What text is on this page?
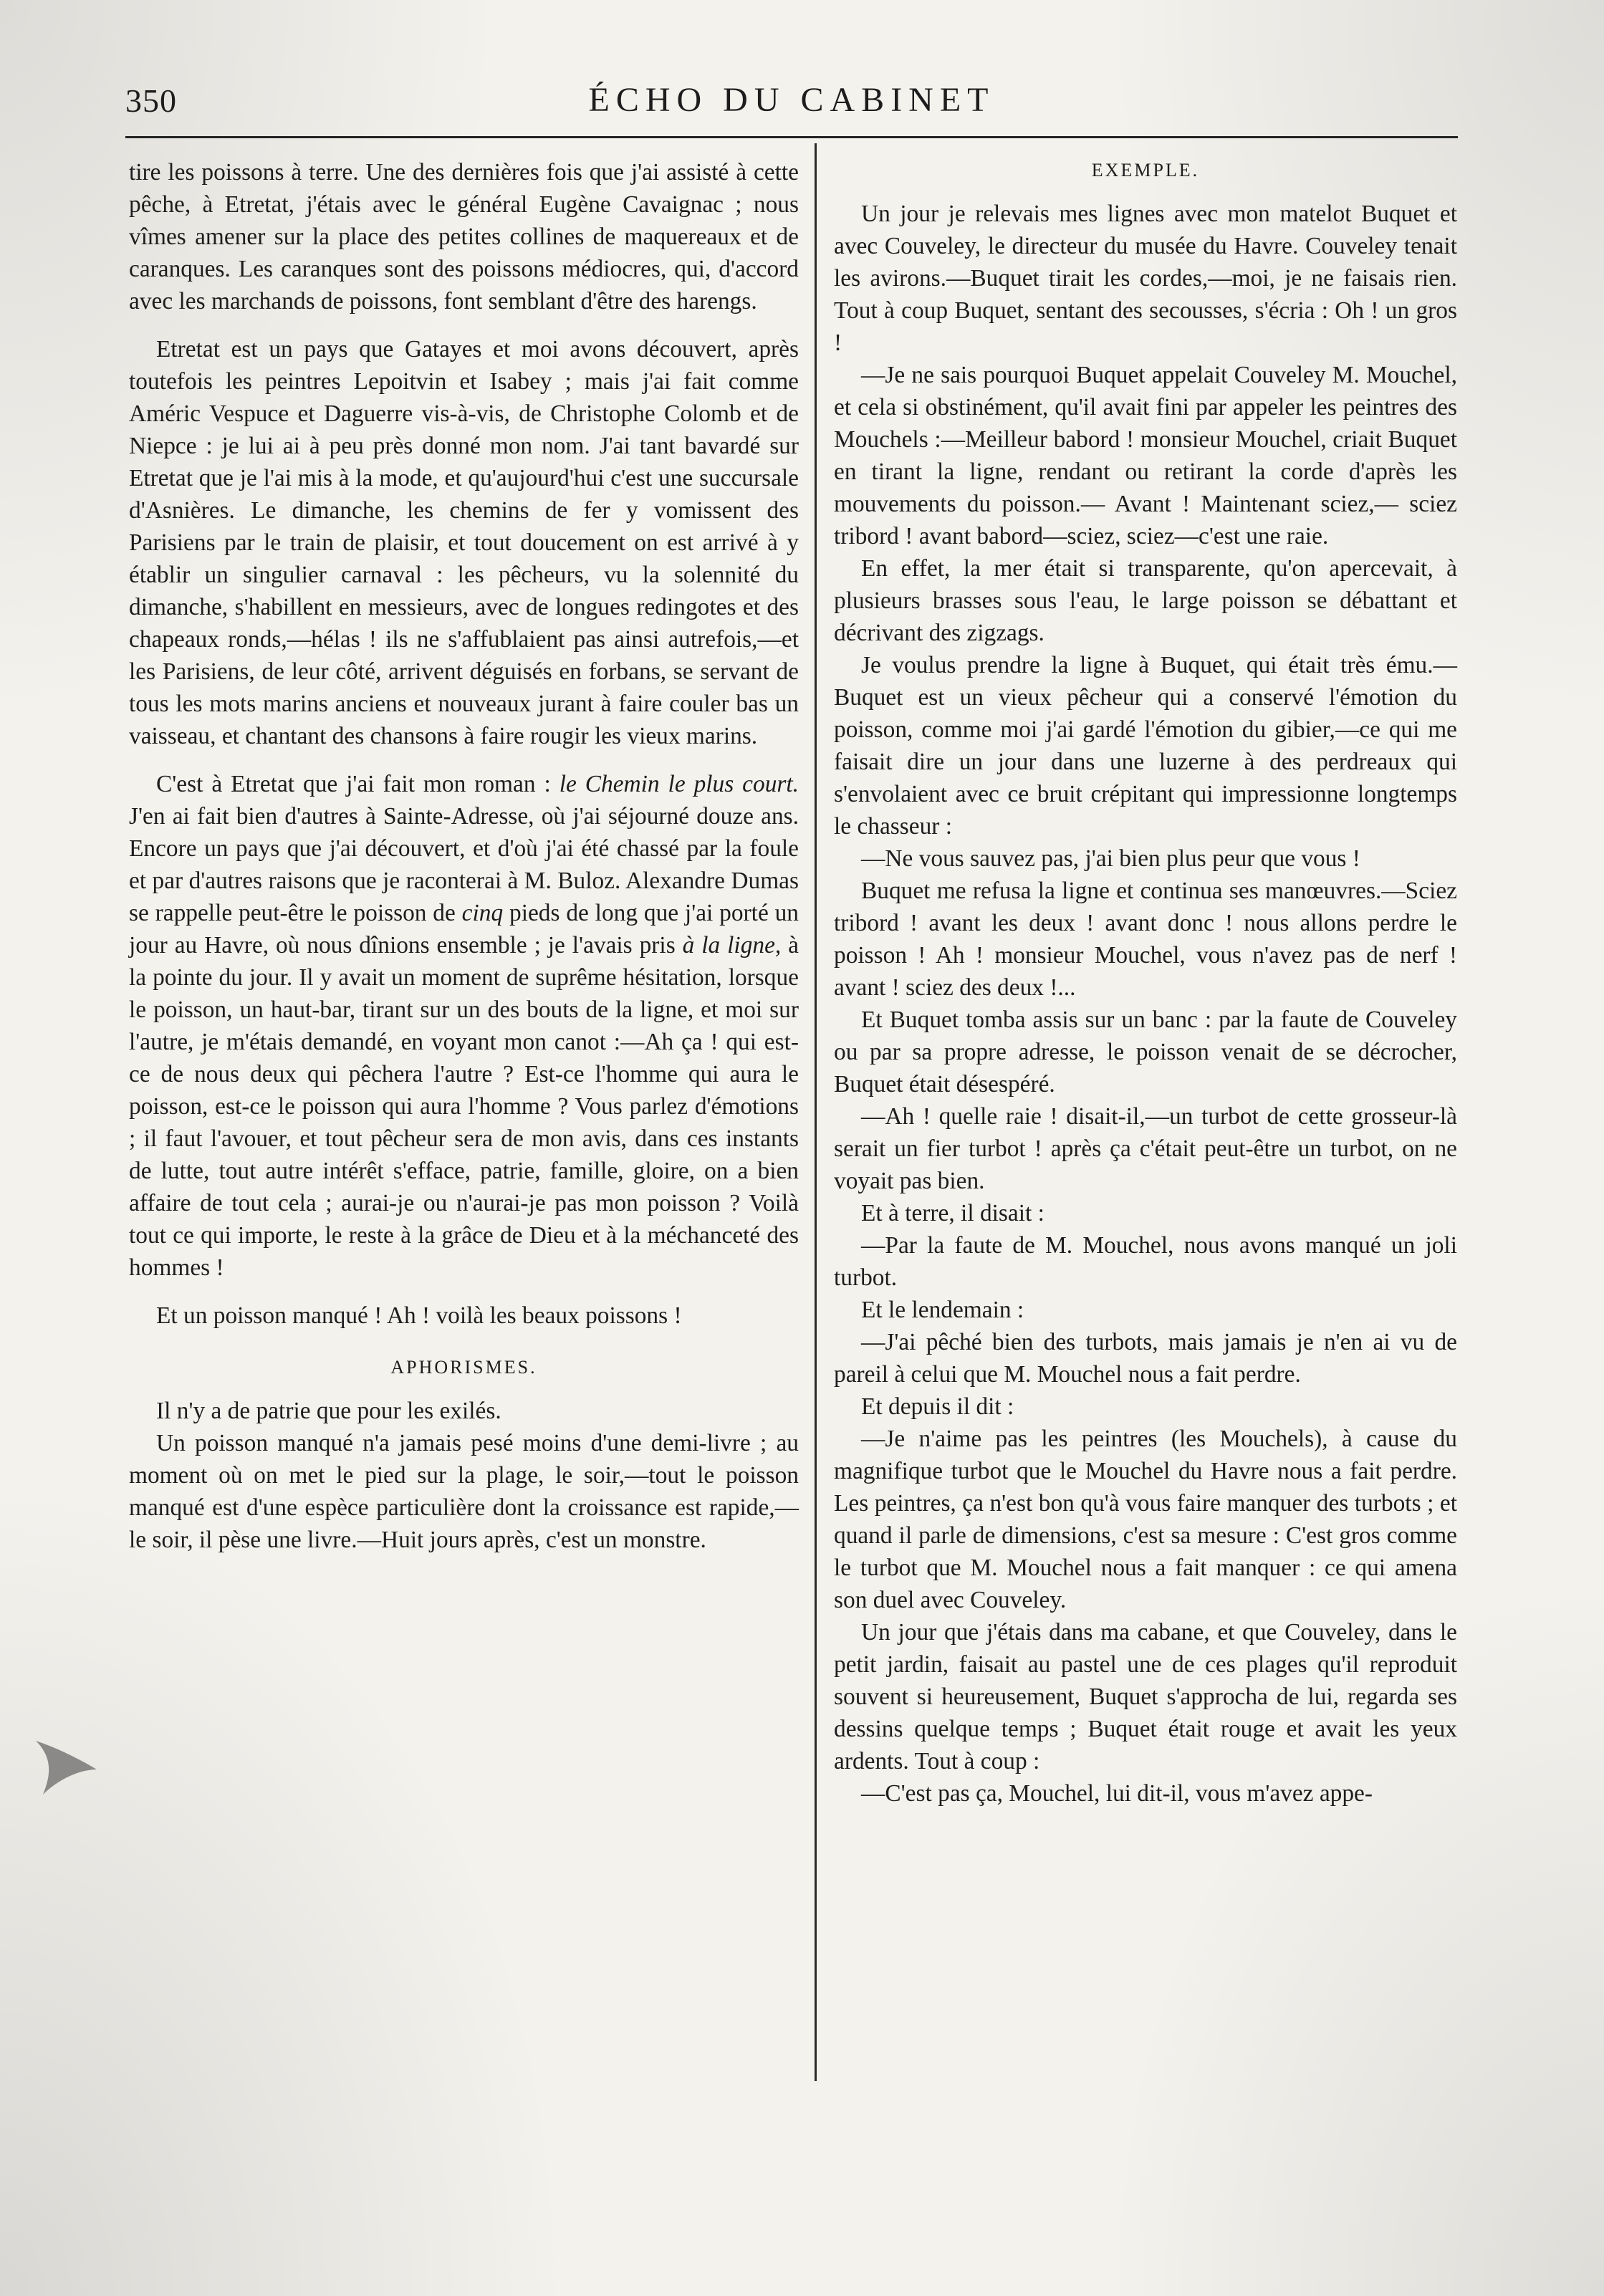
350	ÉCHO DU CABINET

tire les poissons à terre. Une des dernières fois que j'ai assisté à cette pêche, à Etretat, j'étais avec le général Eugène Cavaignac ; nous vîmes amener sur la place des petites collines de maquereaux et de caranques. Les caranques sont des poissons médiocres, qui, d'accord avec les marchands de poissons, font semblant d'être des harengs.

Etretat est un pays que Gatayes et moi avons découvert, après toutefois les peintres Lepoitvin et Isabey ; mais j'ai fait comme Améric Vespuce et Daguerre vis-à-vis, de Christophe Colomb et de Niepce : je lui ai à peu près donné mon nom. J'ai tant bavardé sur Etretat que je l'ai mis à la mode, et qu'aujourd'hui c'est une succursale d'Asnières. Le dimanche, les chemins de fer y vomissent des Parisiens par le train de plaisir, et tout doucement on est arrivé à y établir un singulier carnaval : les pêcheurs, vu la solennité du dimanche, s'habillent en messieurs, avec de longues redingotes et des chapeaux ronds,—hélas ! ils ne s'affublaient pas ainsi autrefois,—et les Parisiens, de leur côté, arrivent déguisés en forbans, se servant de tous les mots marins anciens et nouveaux jurant à faire couler bas un vaisseau, et chantant des chansons à faire rougir les vieux marins.

C'est à Etretat que j'ai fait mon roman : le Chemin le plus court. J'en ai fait bien d'autres à Sainte-Adresse, où j'ai séjourné douze ans. Encore un pays que j'ai découvert, et d'où j'ai été chassé par la foule et par d'autres raisons que je raconterai à M. Buloz. Alexandre Dumas se rappelle peut-être le poisson de cinq pieds de long que j'ai porté un jour au Havre, où nous dînions ensemble ; je l'avais pris à la ligne, à la pointe du jour. Il y avait un moment de suprême hésitation, lorsque le poisson, un haut-bar, tirant sur un des bouts de la ligne, et moi sur l'autre, je m'étais demandé, en voyant mon canot :—Ah ça ! qui est-ce de nous deux qui pêchera l'autre ? Est-ce l'homme qui aura le poisson, est-ce le poisson qui aura l'homme ? Vous parlez d'émotions ; il faut l'avouer, et tout pêcheur sera de mon avis, dans ces instants de lutte, tout autre intérêt s'efface, patrie, famille, gloire, on a bien affaire de tout cela ; aurai-je ou n'aurai-je pas mon poisson ? Voilà tout ce qui importe, le reste à la grâce de Dieu et à la méchanceté des hommes !

Et un poisson manqué ! Ah ! voilà les beaux poissons !

APHORISMES.

Il n'y a de patrie que pour les exilés.

Un poisson manqué n'a jamais pesé moins d'une demi-livre ; au moment où on met le pied sur la plage, le soir,—tout le poisson manqué est d'une espèce particulière dont la croissance est rapide,—le soir, il pèse une livre.—Huit jours après, c'est un monstre.

EXEMPLE.

Un jour je relevais mes lignes avec mon matelot Buquet et avec Couveley, le directeur du musée du Havre. Couveley tenait les avirons.—Buquet tirait les cordes,—moi, je ne faisais rien. Tout à coup Buquet, sentant des secousses, s'écria : Oh ! un gros !

—Je ne sais pourquoi Buquet appelait Couveley M. Mouchel, et cela si obstinément, qu'il avait fini par appeler les peintres des Mouchels :—Meilleur babord ! monsieur Mouchel, criait Buquet en tirant la ligne, rendant ou retirant la corde d'après les mouvements du poisson.— Avant ! Maintenant sciez,— sciez tribord ! avant babord—sciez, sciez—c'est une raie.

En effet, la mer était si transparente, qu'on apercevait, à plusieurs brasses sous l'eau, le large poisson se débattant et décrivant des zigzags.

Je voulus prendre la ligne à Buquet, qui était très ému.—Buquet est un vieux pêcheur qui a conservé l'émotion du poisson, comme moi j'ai gardé l'émotion du gibier,—ce qui me faisait dire un jour dans une luzerne à des perdreaux qui s'envolaient avec ce bruit crépitant qui impressionne longtemps le chasseur :

—Ne vous sauvez pas, j'ai bien plus peur que vous !

Buquet me refusa la ligne et continua ses manœuvres.—Sciez tribord ! avant les deux ! avant donc ! nous allons perdre le poisson ! Ah ! monsieur Mouchel, vous n'avez pas de nerf ! avant ! sciez des deux !...

Et Buquet tomba assis sur un banc : par la faute de Couveley ou par sa propre adresse, le poisson venait de se décrocher, Buquet était désespéré.

—Ah ! quelle raie ! disait-il,—un turbot de cette grosseur-là serait un fier turbot ! après ça c'était peut-être un turbot, on ne voyait pas bien.

Et à terre, il disait :

—Par la faute de M. Mouchel, nous avons manqué un joli turbot.

Et le lendemain :

—J'ai pêché bien des turbots, mais jamais je n'en ai vu de pareil à celui que M. Mouchel nous a fait perdre.

Et depuis il dit :

—Je n'aime pas les peintres (les Mouchels), à cause du magnifique turbot que le Mouchel du Havre nous a fait perdre. Les peintres, ça n'est bon qu'à vous faire manquer des turbots ; et quand il parle de dimensions, c'est sa mesure : C'est gros comme le turbot que M. Mouchel nous a fait manquer : ce qui amena son duel avec Couveley.

Un jour que j'étais dans ma cabane, et que Couveley, dans le petit jardin, faisait au pastel une de ces plages qu'il reproduit souvent si heureusement, Buquet s'approcha de lui, regarda ses dessins quelque temps ; Buquet était rouge et avait les yeux ardents. Tout à coup :

—C'est pas ça, Mouchel, lui dit-il, vous m'avez appe-
